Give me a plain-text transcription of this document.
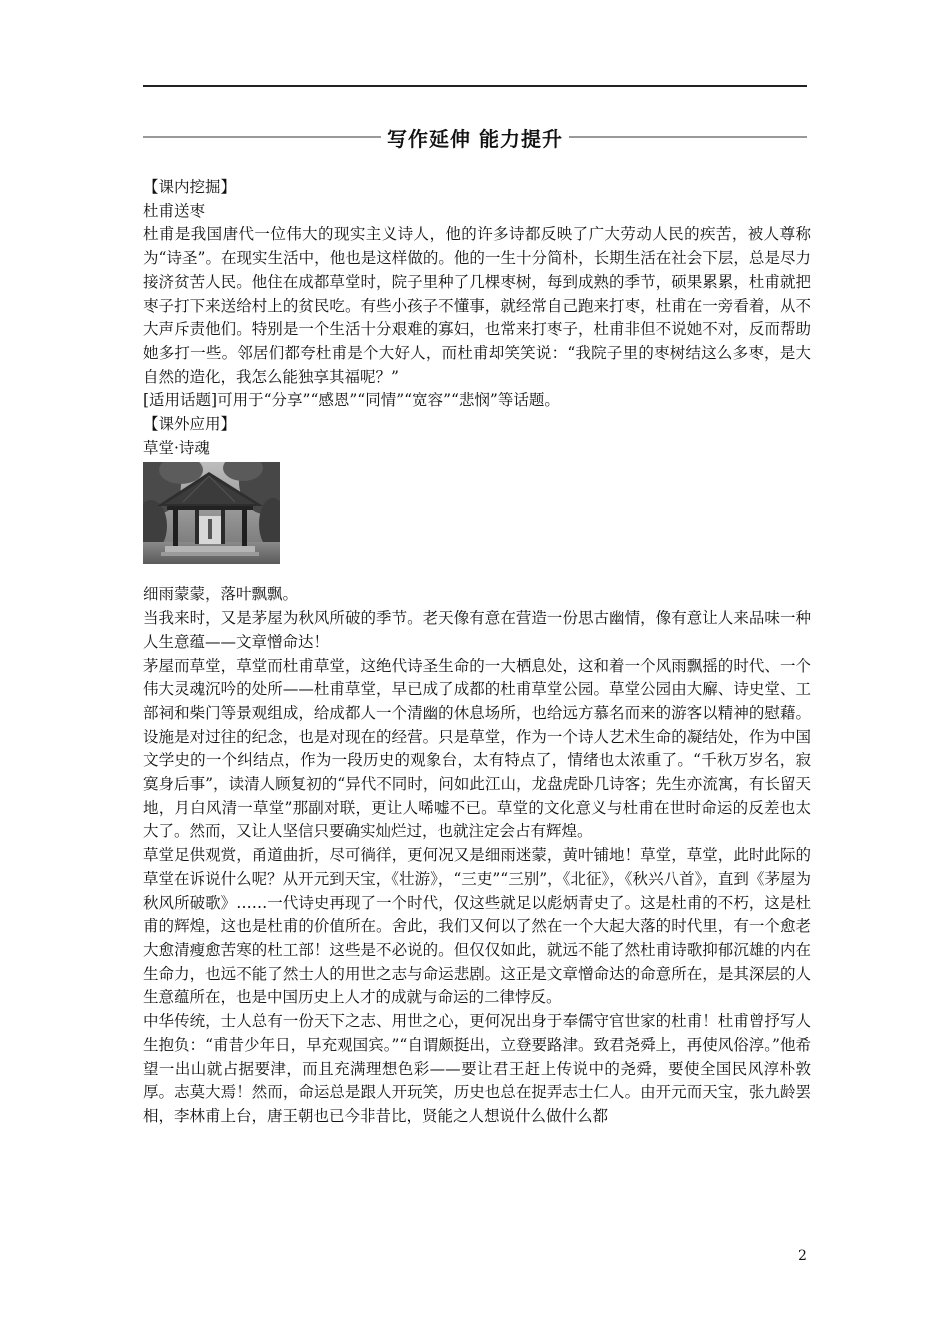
写作延伸 能力提升

【课内挖掘】

杜甫送枣

杜甫是我国唐代一位伟大的现实主义诗人，他的许多诗都反映了广大劳动人民的疾苦，被人尊称为“诗圣”。在现实生活中，他也是这样做的。他的一生十分简朴，长期生活在社会下层，总是尽力接济贫苦人民。他住在成都草堂时，院子里种了几棵枣树，每到成熟的季节，硕果累累，杜甫就把枣子打下来送给村上的贫民吃。有些小孩子不懂事，就经常自己跑来打枣，杜甫在一旁看着，从不大声斥责他们。特别是一个生活十分艰难的寡妇，也常来打枣子，杜甫非但不说她不对，反而帮助她多打一些。邻居们都夸杜甫是个大好人，而杜甫却笑笑说：“我院子里的枣树结这么多枣，是大自然的造化，我怎么能独享其福呢？”

[适用话题]可用于“分享”“感恩”“同情”“宽容”“悲悯”等话题。

【课外应用】

草堂·诗魂

细雨蒙蒙，落叶飘飘。

当我来时，又是茅屋为秋风所破的季节。老天像有意在营造一份思古幽情，像有意让人来品味一种人生意蕴——文章憎命达！

茅屋而草堂，草堂而杜甫草堂，这绝代诗圣生命的一大栖息处，这和着一个风雨飘摇的时代、一个伟大灵魂沉吟的处所——杜甫草堂，早已成了成都的杜甫草堂公园。草堂公园由大廨、诗史堂、工部祠和柴门等景观组成，给成都人一个清幽的休息场所，也给远方慕名而来的游客以精神的慰藉。设施是对过往的纪念，也是对现在的经营。只是草堂，作为一个诗人艺术生命的凝结处，作为中国文学史的一个纠结点，作为一段历史的观象台，太有特点了，情绪也太浓重了。“千秋万岁名，寂寞身后事”，读清人顾复初的“异代不同时，问如此江山，龙盘虎卧几诗客；先生亦流寓，有长留天地，月白风清一草堂”那副对联，更让人唏嘘不已。草堂的文化意义与杜甫在世时命运的反差也太大了。然而，又让人坚信只要确实灿烂过，也就注定会占有辉煌。

草堂足供观赏，甬道曲折，尽可徜徉，更何况又是细雨迷蒙，黄叶铺地！草堂，草堂，此时此际的草堂在诉说什么呢？从开元到天宝，《壮游》，“三吏”“三别”，《北征》，《秋兴八首》，直到《茅屋为秋风所破歌》……一代诗史再现了一个时代，仅这些就足以彪炳青史了。这是杜甫的不朽，这是杜甫的辉煌，这也是杜甫的价值所在。舍此，我们又何以了然在一个大起大落的时代里，有一个愈老大愈清瘦愈苦寒的杜工部！这些是不必说的。但仅仅如此，就远不能了然杜甫诗歌抑郁沉雄的内在生命力，也远不能了然士人的用世之志与命运悲剧。这正是文章憎命达的命意所在，是其深层的人生意蕴所在，也是中国历史上人才的成就与命运的二律悖反。

中华传统，士人总有一份天下之志、用世之心，更何况出身于奉儒守官世家的杜甫！杜甫曾抒写人生抱负：“甫昔少年日，早充观国宾。”“自谓颇挺出，立登要路津。致君尧舜上，再使风俗淳。”他希望一出山就占据要津，而且充满理想色彩——要让君王赶上传说中的尧舜，要使全国民风淳朴敦厚。志莫大焉！然而，命运总是跟人开玩笑，历史也总在捉弄志士仁人。由开元而天宝，张九龄罢相，李林甫上台，唐王朝也已今非昔比，贤能之人想说什么做什么都

2
